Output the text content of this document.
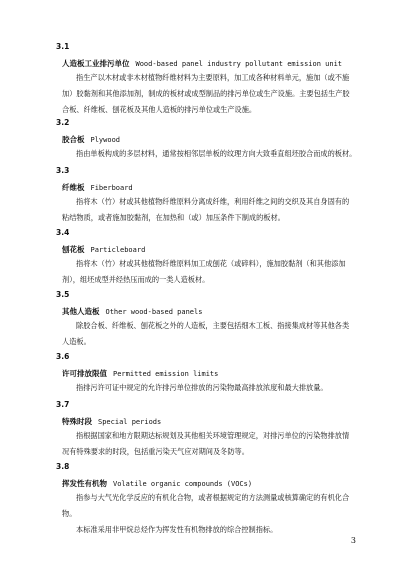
3.1
人造板工业排污单位 Wood-based panel industry pollutant emission unit
指生产以木材或非木材植物纤维材料为主要原料，加工成各种材料单元，施加（或不施
加）胶黏剂和其他添加剂，制成的板材或成型制品的排污单位或生产设施。主要包括生产胶
合板、纤维板、刨花板及其他人造板的排污单位或生产设施。
3.2
胶合板 Plywood
指由单板构成的多层材料，通常按相邻层单板的纹理方向大致垂直组坯胶合而成的板材。
3.3
纤维板 Fiberboard
指将木（竹）材或其他植物纤维原料分离成纤维，利用纤维之间的交织及其自身固有的
粘结物质，或者施加胶黏剂，在加热和（或）加压条件下制成的板材。
3.4
刨花板 Particleboard
指将木（竹）材或其他植物纤维原料加工成刨花（或碎料），施加胶黏剂（和其他添加
剂），组坯成型并经热压而成的一类人造板材。
3.5
其他人造板 Other wood-based panels
除胶合板、纤维板、刨花板之外的人造板，主要包括细木工板、指接集成材等其他各类
人造板。
3.6
许可排放限值 Permitted emission limits
指排污许可证中规定的允许排污单位排放的污染物最高排放浓度和最大排放量。
3.7
特殊时段 Special periods
指根据国家和地方限期达标规划及其他相关环境管理规定，对排污单位的污染物排放情
况有特殊要求的时段，包括重污染天气应对期间及冬防等。
3.8
挥发性有机物 Volatile organic compounds (VOCs)
指参与大气光化学反应的有机化合物，或者根据规定的方法测量或核算确定的有机化合
物。
本标准采用非甲烷总烃作为挥发性有机物排放的综合控制指标。
3
